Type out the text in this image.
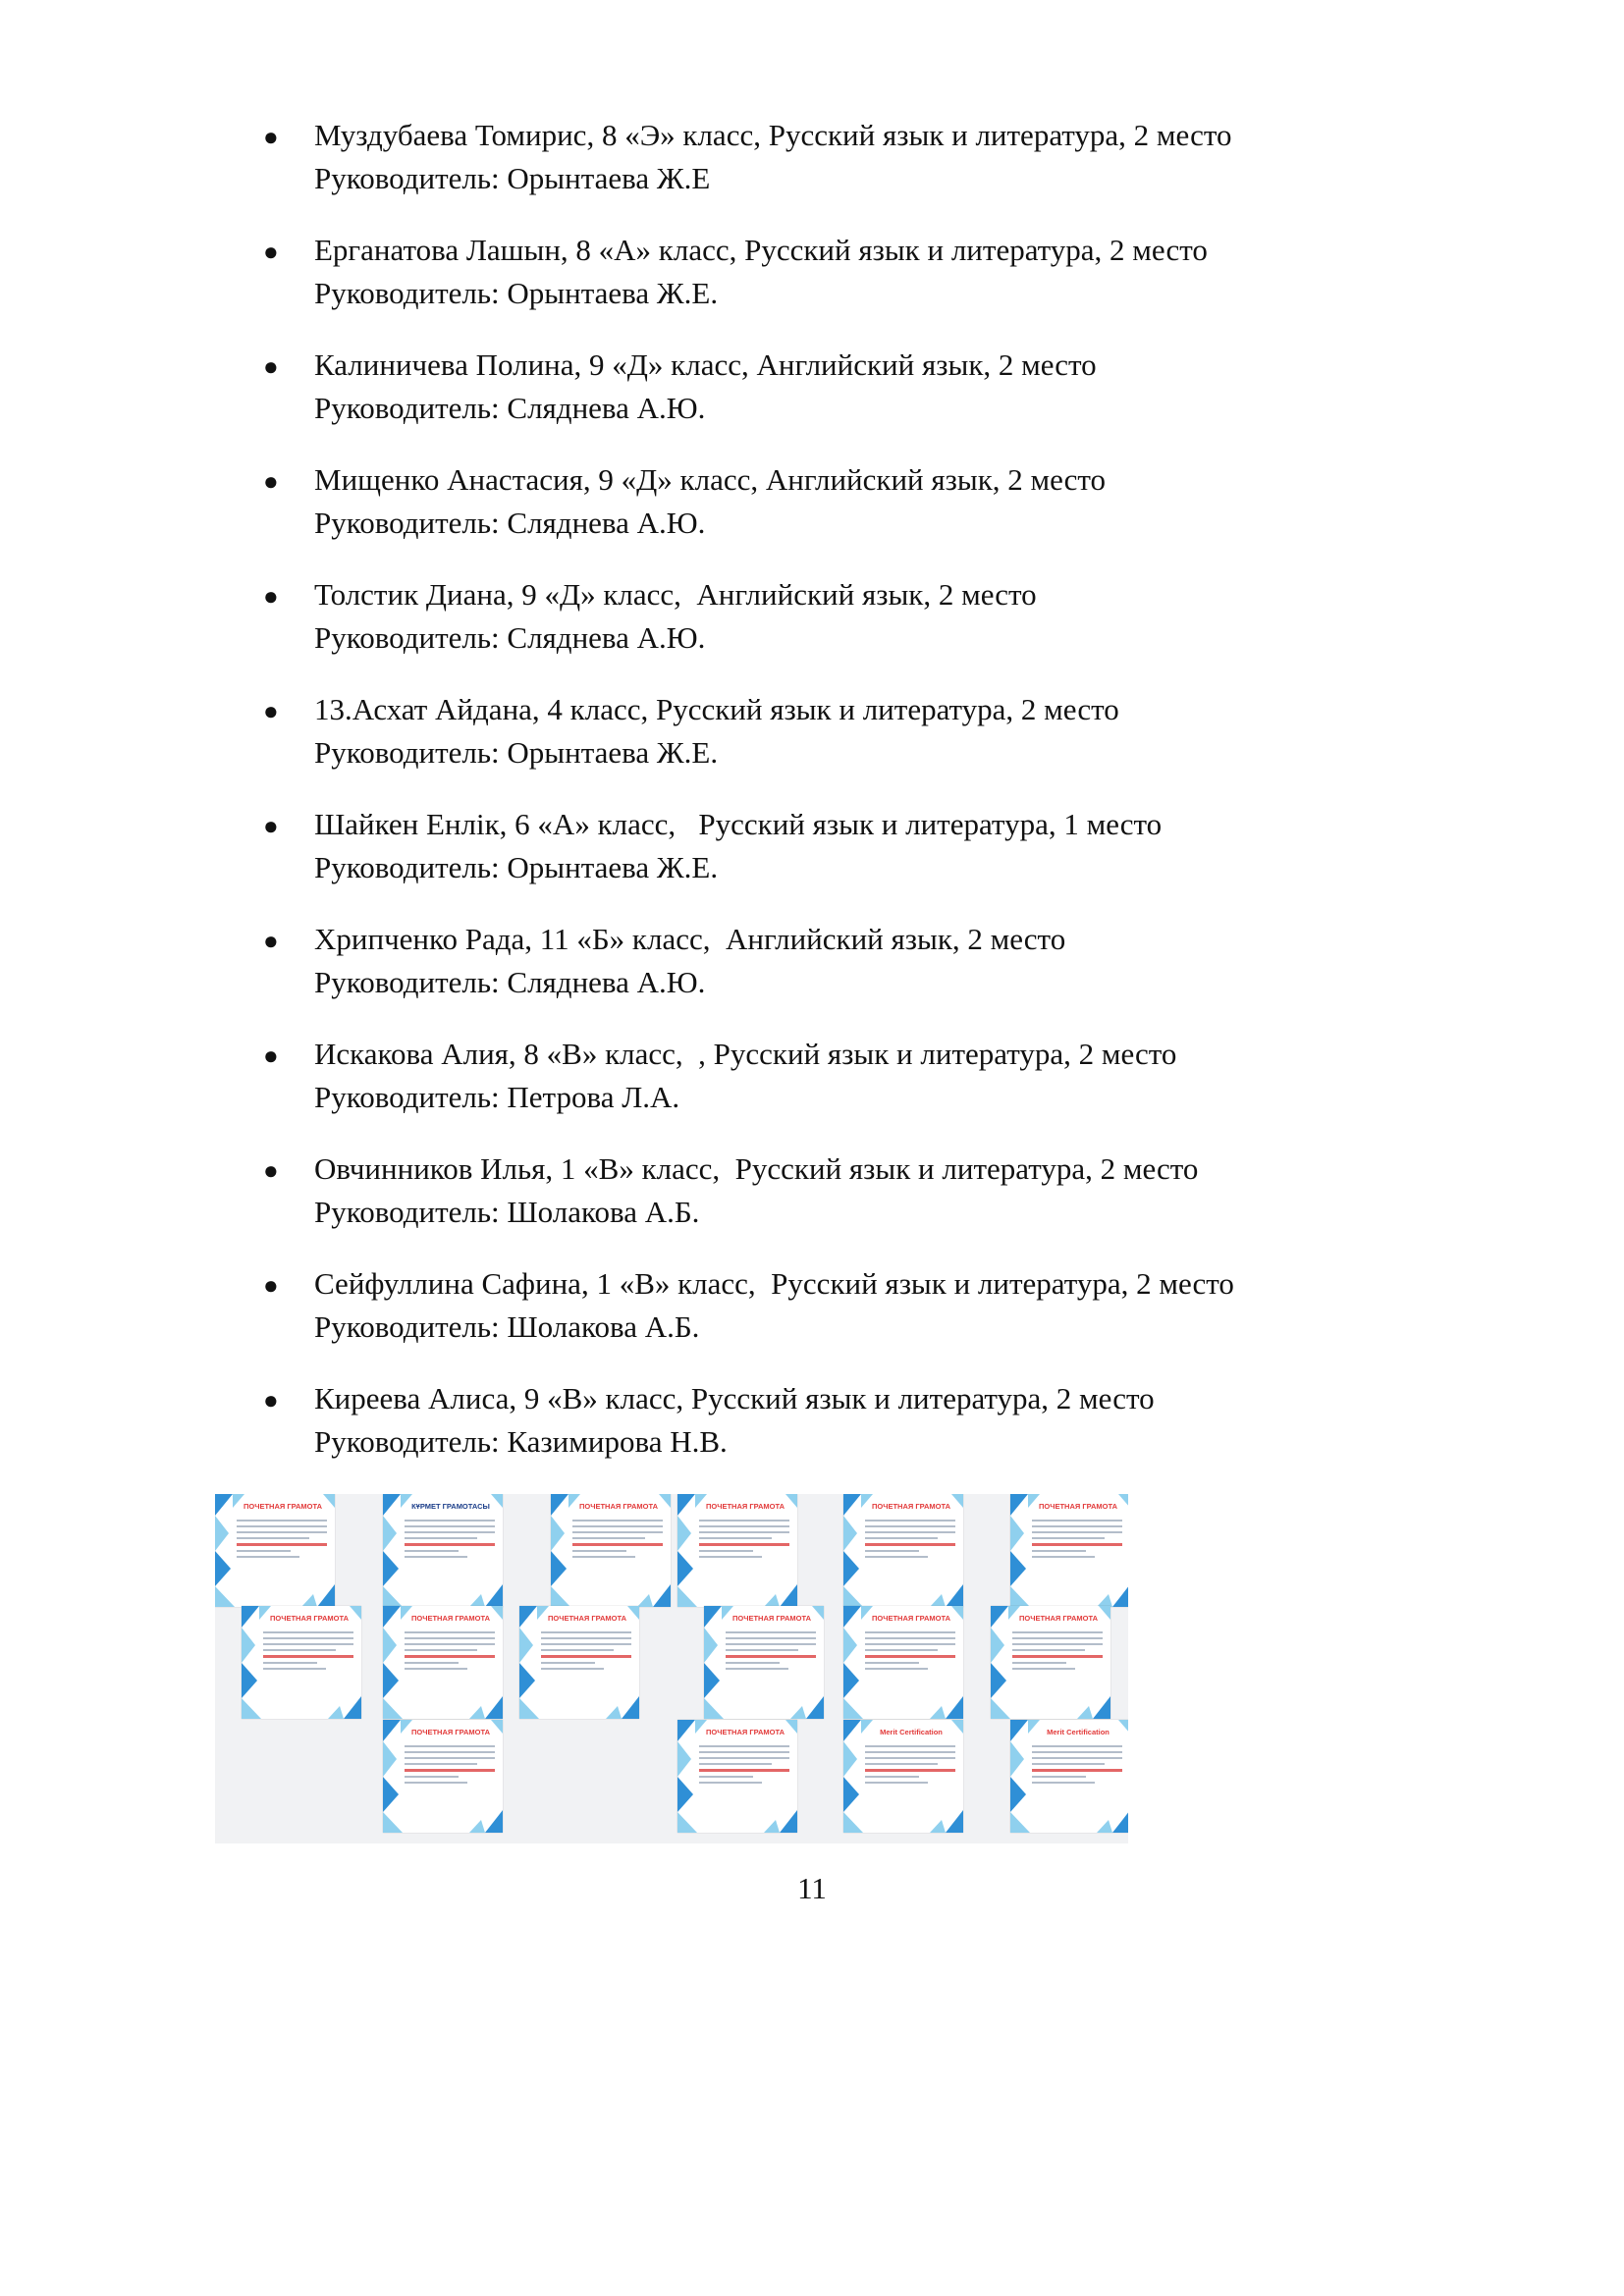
● Муздубаева Томирис, 8 «Э» класс, Русский язык и литература, 2 место
Руководитель: Орынтаева Ж.Е
● Ерганатова Лашын, 8 «А» класс, Русский язык и литература, 2 место
Руководитель: Орынтаева Ж.Е.
● Калиничева Полина, 9 «Д» класс, Английский язык, 2 место
Руководитель: Сляднева А.Ю.
● Мищенко Анастасия, 9 «Д» класс, Английский язык, 2 место
Руководитель: Сляднева А.Ю.
● Толстик Диана, 9 «Д» класс,  Английский язык, 2 место
Руководитель: Сляднева А.Ю.
● 13.Асхат Айдана, 4 класс, Русский язык и литература, 2 место
Руководитель: Орынтаева Ж.Е.
● Шайкен Енлік, 6 «А» класс,   Русский язык и литература, 1 место
Руководитель: Орынтаева Ж.Е.
● Хрипченко Рада, 11 «Б» класс,  Английский язык, 2 место
Руководитель: Сляднева А.Ю.
● Искакова Алия, 8 «В» класс,  , Русский язык и литература, 2 место
Руководитель: Петрова Л.А.
● Овчинников Илья, 1 «В» класс,  Русский язык и литература, 2 место
Руководитель: Шолакова А.Б.
● Сейфуллина Сафина, 1 «В» класс,  Русский язык и литература, 2 место
Руководитель: Шолакова А.Б.
● Киреева Алиса, 9 «В» класс, Русский язык и литература, 2 место
Руководитель: Казимирова Н.В.
ПОЧЕТНАЯ ГРАМОТА	КҰРМЕТ ГРАМОТАСЫ	ПОЧЕТНАЯ ГРАМОТА	ПОЧЕТНАЯ ГРАМОТА	ПОЧЕТНАЯ ГРАМОТА	ПОЧЕТНАЯ ГРАМОТА
ПОЧЕТНАЯ ГРАМОТА	ПОЧЕТНАЯ ГРАМОТА	ПОЧЕТНАЯ ГРАМОТА	ПОЧЕТНАЯ ГРАМОТА	ПОЧЕТНАЯ ГРАМОТА	ПОЧЕТНАЯ ГРАМОТА
ПОЧЕТНАЯ ГРАМОТА	ПОЧЕТНАЯ ГРАМОТА	Merit Certification	Merit Certification
11
